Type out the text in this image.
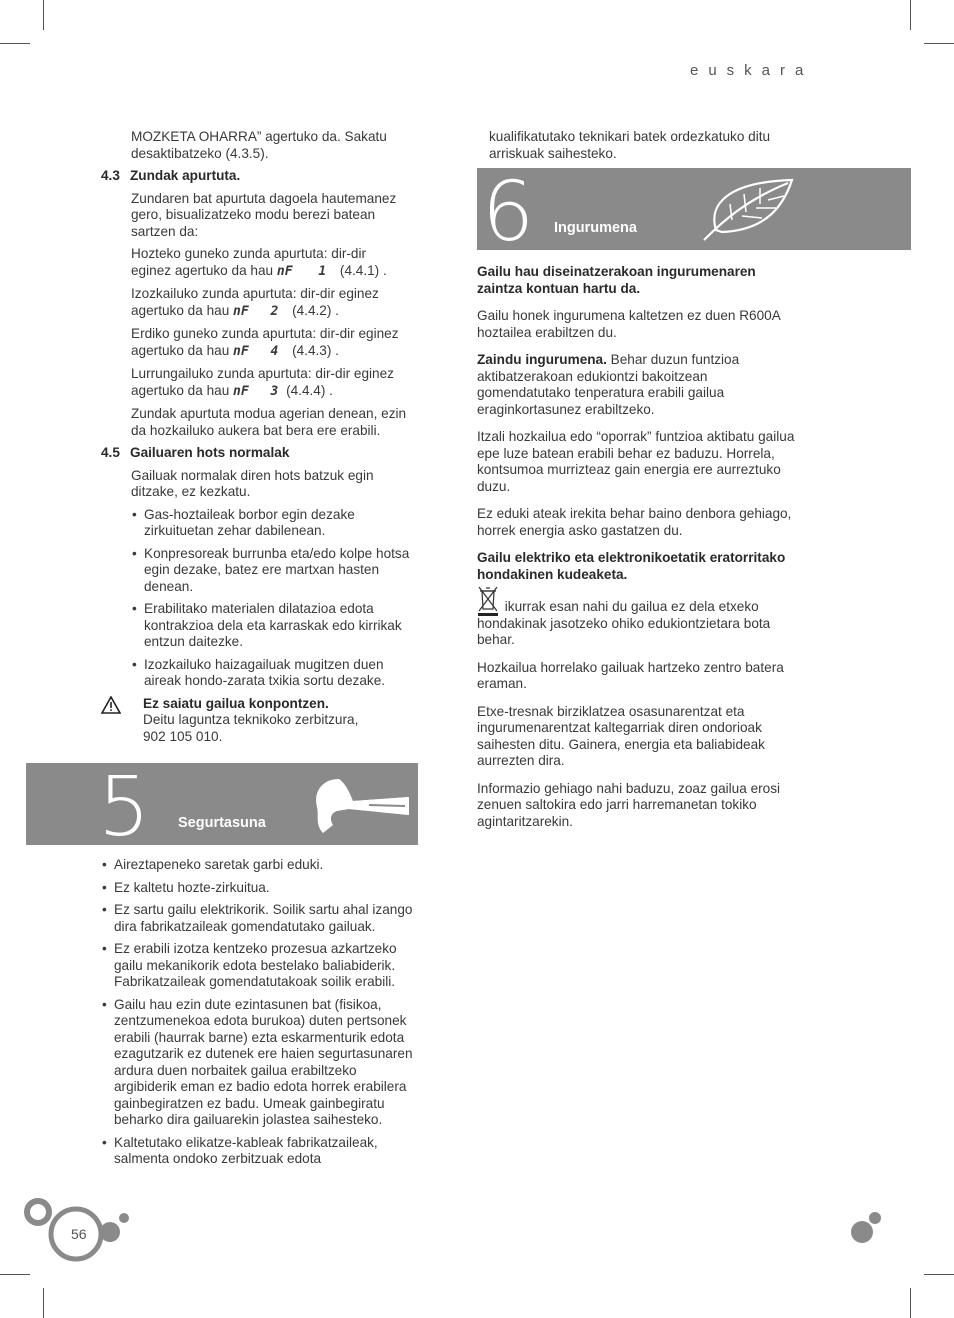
euskara

MOZKETA OHARRA” agertuko da. Sakatu desaktibatzeko (4.3.5).

4.3 Zundak apurtuta.

Zundaren bat apurtuta dagoela hautemanez gero, bisualizatzeko modu berezi batean sartzen da:

Hozteko guneko zunda apurtuta: dir-dir
eginez agertuko da hau nF 1 (4.4.1) .

Izozkailuko zunda apurtuta: dir-dir eginez
agertuko da hau nF 2 (4.4.2) .

Erdiko guneko zunda apurtuta: dir-dir eginez
agertuko da hau nF 4 (4.4.3) .

Lurrungailuko zunda apurtuta: dir-dir eginez
agertuko da hau nF 3 (4.4.4) .

Zundak apurtuta modua agerian denean, ezin da hozkailuko aukera bat bera ere erabili.

4.5 Gailuaren hots normalak

Gailuak normalak diren hots batzuk egin ditzake, ez kezkatu.

• Gas-hoztaileak borbor egin dezake zirkuituetan zehar dabilenean.

• Konpresoreak burrunba eta/edo kolpe hotsa egin dezake, batez ere martxan hasten denean.

• Erabilitako materialen dilatazioa edota kontrakzioa dela eta karraskak edo kirrikak entzun daitezke.

• Izozkailuko haizagailuak mugitzen duen aireak hondo-zarata txikia sortu dezake.

Ez saiatu gailua konpontzen.
Deitu laguntza teknikoko zerbitzura,
902 105 010.
5 Segurtasuna

• Aireztapeneko saretak garbi eduki.

• Ez kaltetu hozte-zirkuitua.

• Ez sartu gailu elektrikorik. Soilik sartu ahal izango dira fabrikatzaileak gomendatutako gailuak.

• Ez erabili izotza kentzeko prozesua azkartzeko gailu mekanikorik edota bestelako baliabiderik. Fabrikatzaileak gomendatutakoak soilik erabili.

• Gailu hau ezin dute ezintasunen bat (fisikoa, zentzumenekoa edota burukoa) duten pertsonek erabili (haurrak barne) ezta eskarmenturik edota ezagutzarik ez dutenek ere haien segurtasunaren ardura duen norbaitek gailua erabiltzeko argibiderik eman ez badio edota horrek erabilera gainbegiratzen ez badu. Umeak gainbegiratu beharko dira gailuarekin jolastea saihesteko.

• Kaltetutako elikatze-kableak fabrikatzaileak, salmenta ondoko zerbitzuak edota

kualifikatutako teknikari batek ordezkatuko ditu arriskuak saihesteko.

6 Ingurumena

Gailu hau diseinatzerakoan ingurumenaren zaintza kontuan hartu da.

Gailu honek ingurumena kaltetzen ez duen R600A hoztailea erabiltzen du.

Zaindu ingurumena. Behar duzun funtzioa aktibatzerakoan edukiontzi bakoitzean gomendatutako tenperatura erabili gailua eraginkortasunez erabiltzeko.

Itzali hozkailua edo “oporrak” funtzioa aktibatu gailua epe luze batean erabili behar ez baduzu. Horrela, kontsumoa murrizteaz gain energia ere aurreztuko duzu.

Ez eduki ateak irekita behar baino denbora gehiago, horrek energia asko gastatzen du.

Gailu elektriko eta elektronikoetatik eratorritako hondakinen kudeaketa.

ikurrak esan nahi du gailua ez dela etxeko hondakinak jasotzeko ohiko edukiontzietara bota behar.

Hozkailua horrelako gailuak hartzeko zentro batera eraman.

Etxe-tresnak birziklatzea osasunarentzat eta ingurumenarentzat kaltegarriak diren ondorioak saihesten ditu. Gainera, energia eta baliabideak aurrezten dira.

Informazio gehiago nahi baduzu, zoaz gailua erosi zenuen saltokira edo jarri harremanetan tokiko agintaritzarekin.

56
